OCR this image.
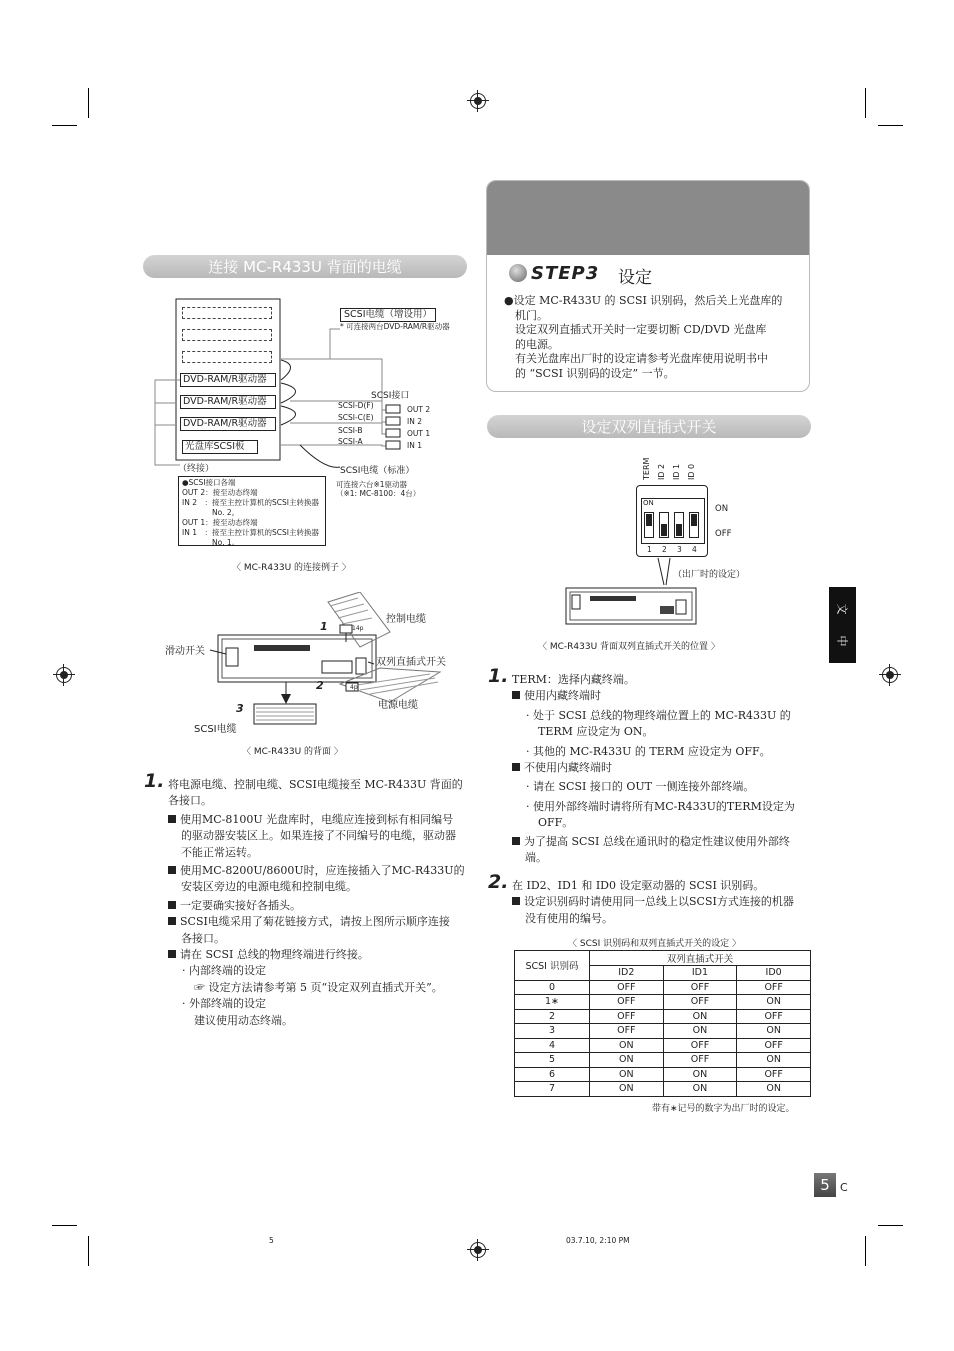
连接 MC-R433U 背面的电缆
DVD-RAM/R驱动器
DVD-RAM/R驱动器
DVD-RAM/R驱动器
光盘库SCSI板
SCSI电缆（增设用）
* 可连接两台DVD-RAM/R驱动器
SCSI接口
SCSI-D(F)
SCSI-C(E)
SCSI-B
SCSI-A
OUT 2
IN 2
OUT 1
IN 1
（终接）	SCSI电缆（标准）
可连接六台※1驱动器
（※1: MC-8100：4台）
●SCSI接口各端
OUT 2：接至动态终端
IN 2　：接至主控计算机的SCSI主转换器
　　　　No. 2。
OUT 1：接至动态终端
IN 1　：接至主控计算机的SCSI主转换器
　　　　No. 1。
〈 MC-R433U 的连接例子 〉
控制电缆
滑动开关
双列直插式开关
电源电缆
SCSI电缆
1
2
3
14p
4p
〈 MC-R433U 的背面 〉
1. 将电源电缆、控制电缆、SCSI电缆接至 MC-R433U 背面的
各接口。
使用MC-8100U 光盘库时，电缆应连接到标有相同编号
的驱动器安装区上。如果连接了不同编号的电缆，驱动器
不能正常运转。
使用MC-8200U/8600U时，应连接插入了MC-R433U的
安装区旁边的电源电缆和控制电缆。
一定要确实接好各插头。
SCSI电缆采用了菊花链接方式，请按上图所示顺序连接
各接口。
请在 SCSI 总线的物理终端进行终接。
· 内部终端的设定
☞ 设定方法请参考第 5 页“设定双列直插式开关”。
· 外部终端的设定
建议使用动态终端。
STEP3 设定
●设定 MC-R433U 的 SCSI 识别码，然后关上光盘库的
机门。
设定双列直插式开关时一定要切断 CD/DVD 光盘库
的电源。
有关光盘库出厂时的设定请参考光盘库使用说明书中
的 “SCSI 识别码的设定” 一节。
设定双列直插式开关
TERM ID 2 ID 1 ID 0
ON
1 2 3 4
ON
OFF
（出厂时的设定）
〈 MC-R433U 背面双列直插式开关的位置 〉
1. TERM：选择内藏终端。
使用内藏终端时
· 处于 SCSI 总线的物理终端位置上的 MC-R433U 的
TERM 应设定为 ON。
· 其他的 MC-R433U 的 TERM 应设定为 OFF。
不使用内藏终端时
· 请在 SCSI 接口的 OUT 一侧连接外部终端。
· 使用外部终端时请将所有MC-R433U的TERM设定为
OFF。
为了提高 SCSI 总线在通讯时的稳定性建议使用外部终
端。
2. 在 ID2、ID1 和 ID0 设定驱动器的 SCSI 识别码。
设定识别码时请使用同一总线上以SCSI方式连接的机器
没有使用的编号。
〈 SCSI 识别码和双列直插式开关的设定 〉
SCSI 识别码	双列直插式开关		
	ID2	ID1	ID0
0	OFF	OFF	OFF
1∗	OFF	OFF	ON
2	OFF	ON	OFF
3	OFF	ON	ON
4	ON	OFF	OFF
5	ON	OFF	ON
6	ON	ON	OFF
7	ON	ON	ON
带有∗记号的数字为出厂时的设定。
文
中
5 C
5	03.7.10, 2:10 PM
